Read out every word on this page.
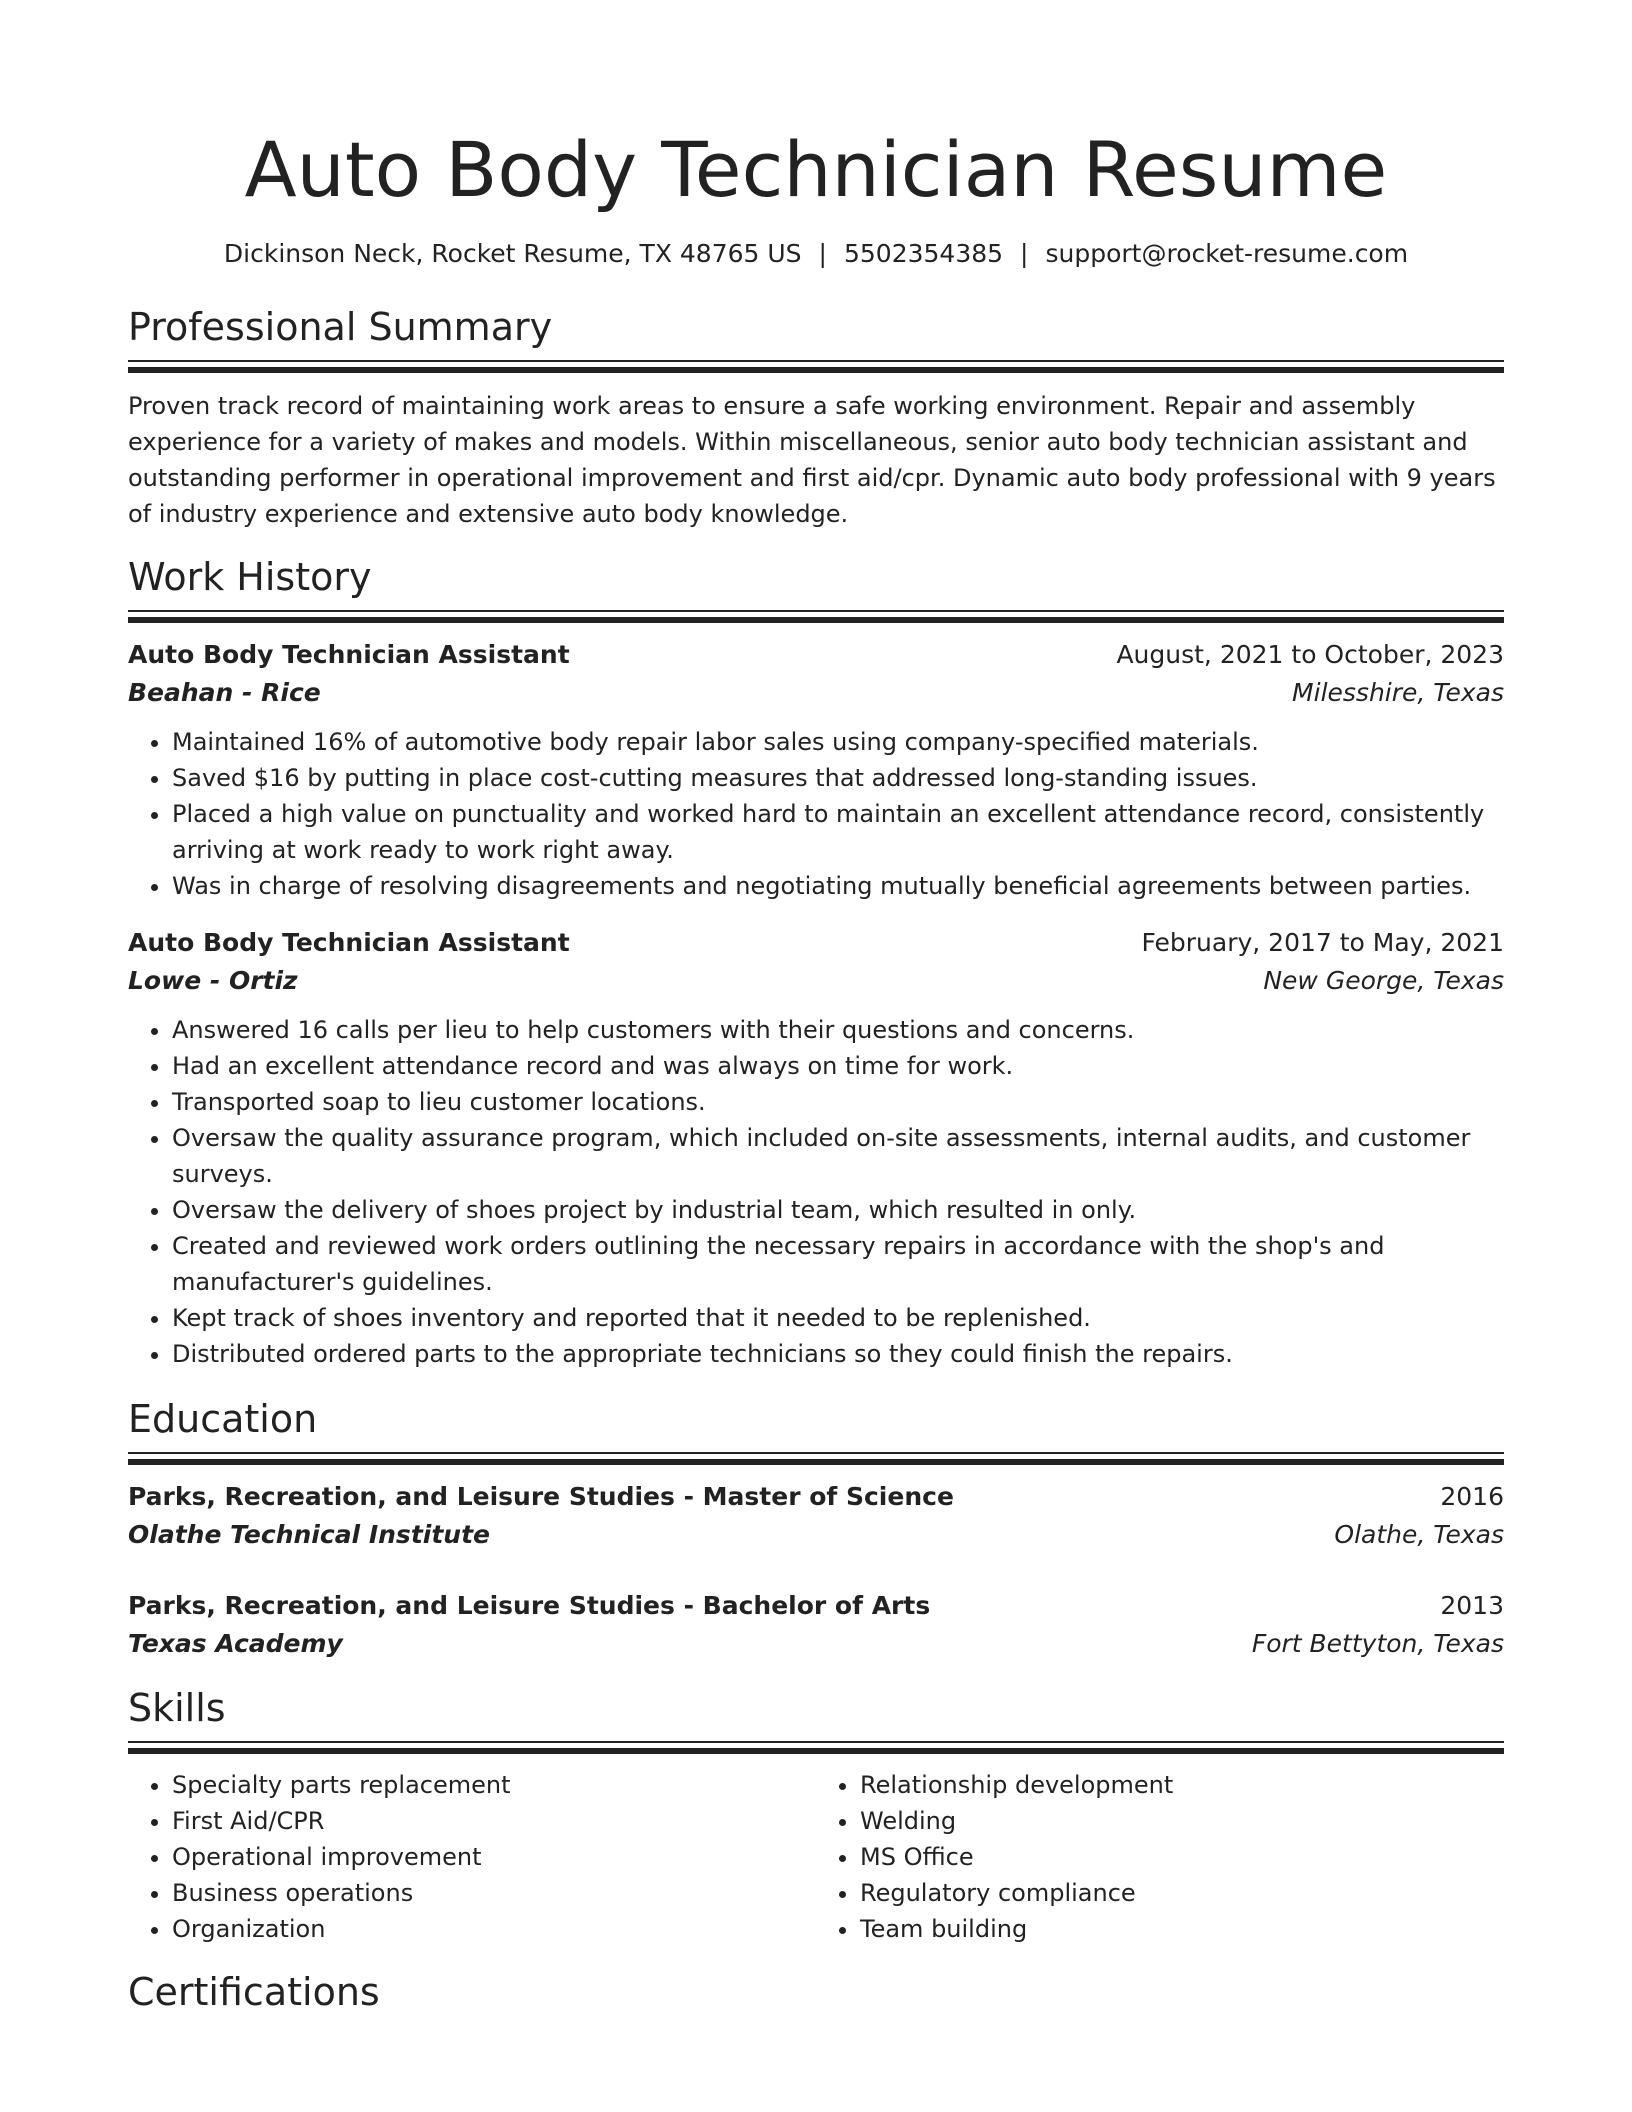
Auto Body Technician Resume
Dickinson Neck, Rocket Resume, TX 48765 US | 5502354385 | support@rocket-resume.com
Professional Summary
Proven track record of maintaining work areas to ensure a safe working environment. Repair and assembly experience for a variety of makes and models. Within miscellaneous, senior auto body technician assistant and outstanding performer in operational improvement and first aid/cpr. Dynamic auto body professional with 9 years of industry experience and extensive auto body knowledge.
Work History
Auto Body Technician Assistant	August, 2021 to October, 2023
Beahan - Rice	Milesshire, Texas
• Maintained 16% of automotive body repair labor sales using company-specified materials.
• Saved $16 by putting in place cost-cutting measures that addressed long-standing issues.
• Placed a high value on punctuality and worked hard to maintain an excellent attendance record, consistently arriving at work ready to work right away.
• Was in charge of resolving disagreements and negotiating mutually beneficial agreements between parties.
Auto Body Technician Assistant	February, 2017 to May, 2021
Lowe - Ortiz	New George, Texas
• Answered 16 calls per lieu to help customers with their questions and concerns.
• Had an excellent attendance record and was always on time for work.
• Transported soap to lieu customer locations.
• Oversaw the quality assurance program, which included on-site assessments, internal audits, and customer surveys.
• Oversaw the delivery of shoes project by industrial team, which resulted in only.
• Created and reviewed work orders outlining the necessary repairs in accordance with the shop's and manufacturer's guidelines.
• Kept track of shoes inventory and reported that it needed to be replenished.
• Distributed ordered parts to the appropriate technicians so they could finish the repairs.
Education
Parks, Recreation, and Leisure Studies - Master of Science	2016
Olathe Technical Institute	Olathe, Texas
Parks, Recreation, and Leisure Studies - Bachelor of Arts	2013
Texas Academy	Fort Bettyton, Texas
Skills
• Specialty parts replacement
• First Aid/CPR
• Operational improvement
• Business operations
• Organization
• Relationship development
• Welding
• MS Office
• Regulatory compliance
• Team building
Certifications
